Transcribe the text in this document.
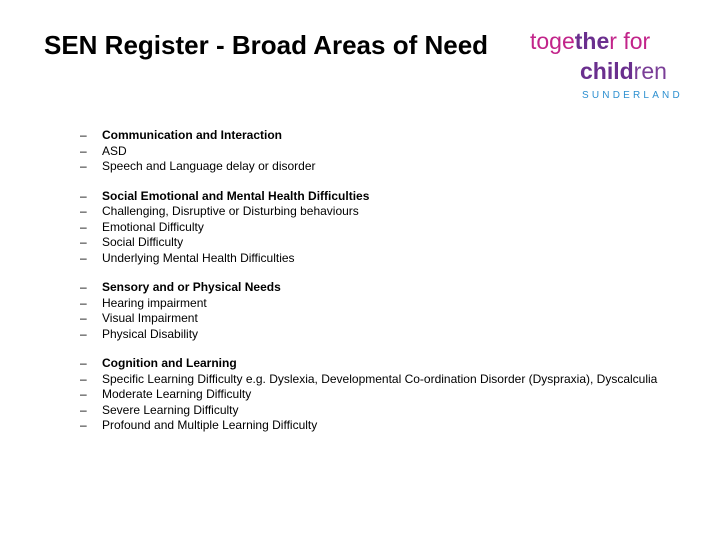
together for
children
SUNDERLAND
SEN Register - Broad Areas of Need
– Communication and Interaction
– ASD
– Speech and Language delay or disorder
– Social Emotional and Mental Health Difficulties
– Challenging, Disruptive or Disturbing behaviours
– Emotional Difficulty
– Social Difficulty
– Underlying Mental Health Difficulties
– Sensory and or Physical Needs
– Hearing impairment
– Visual Impairment
– Physical Disability
– Cognition and Learning
– Specific Learning Difficulty e.g. Dyslexia, Developmental Co-ordination Disorder (Dyspraxia), Dyscalculia
– Moderate Learning Difficulty
– Severe Learning Difficulty
– Profound and Multiple Learning Difficulty
